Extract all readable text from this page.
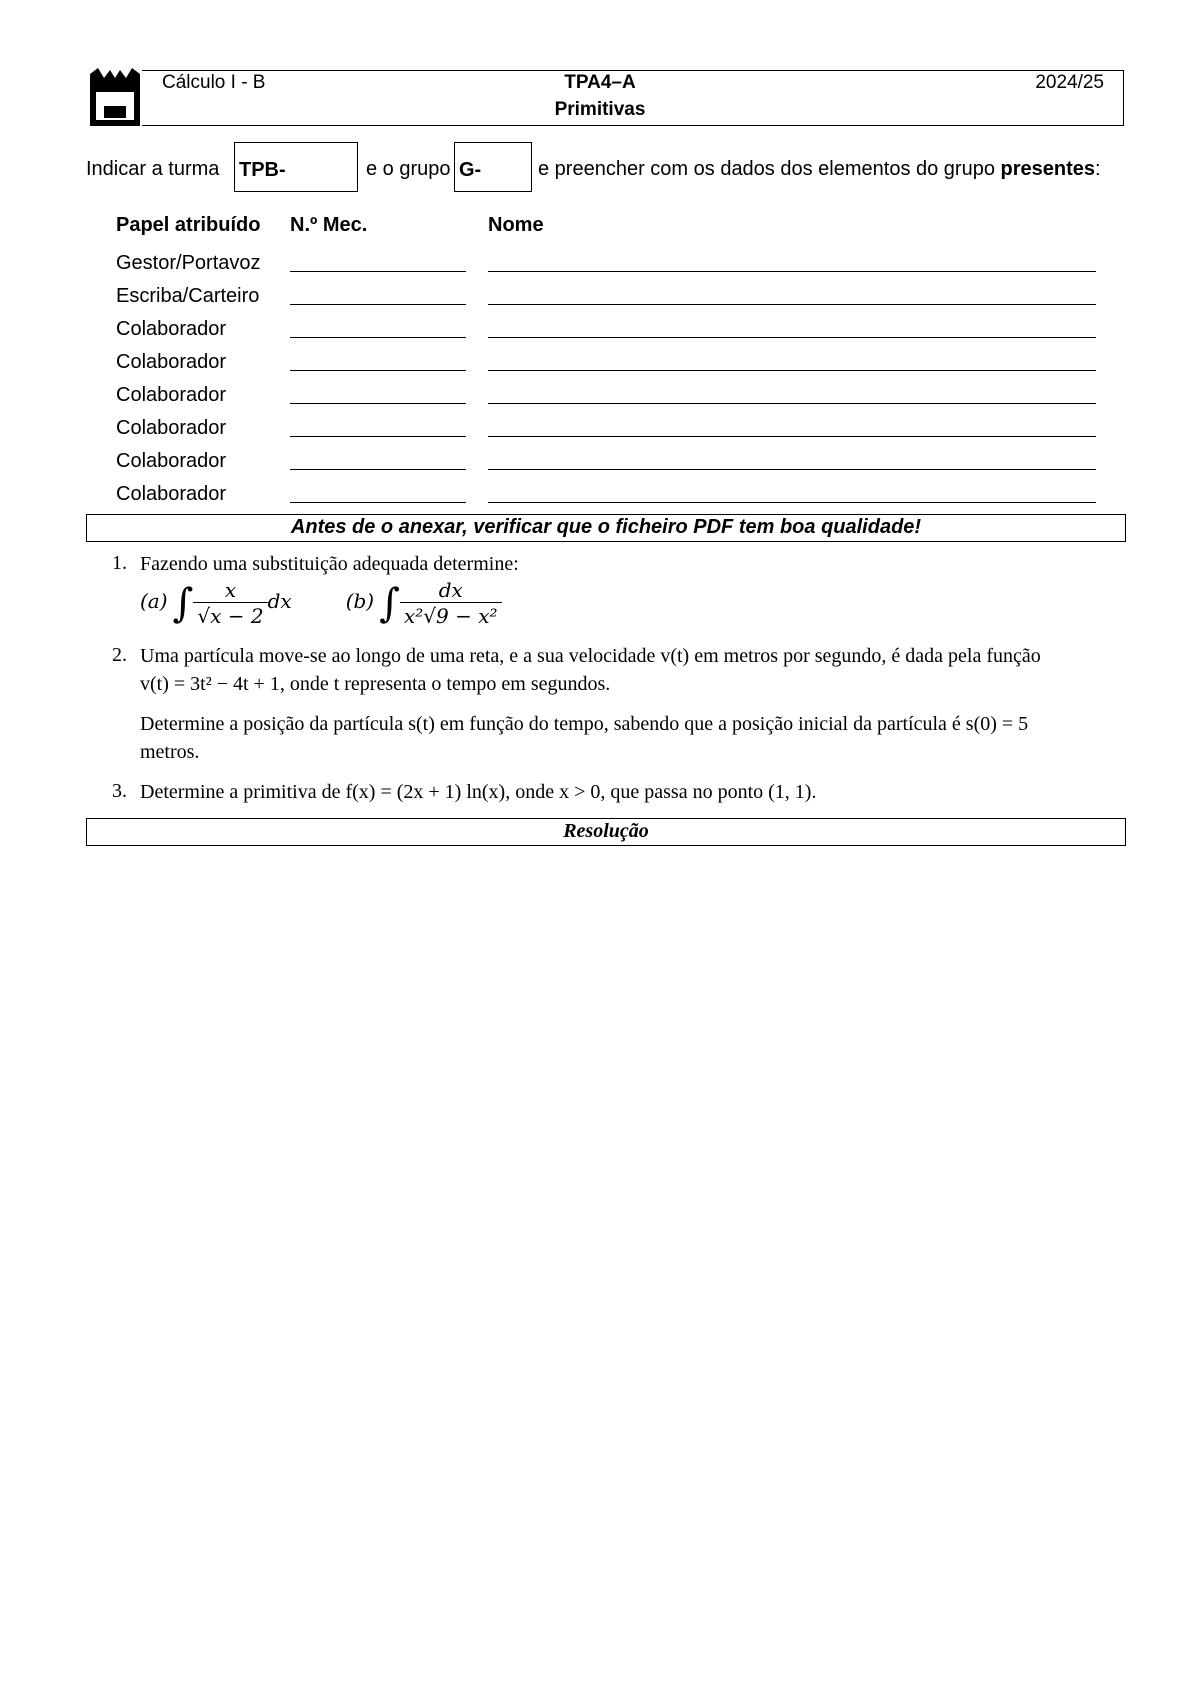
Cálculo I - B	TPA4–A
Primitivas
2024/25
Indicar a turma TPB-	e o grupo G-	e preencher com os dados dos elementos do grupo presentes:
Papel atribuído N.º Mec.	Nome
Gestor/Portavoz
Escriba/Carteiro
Colaborador
Colaborador
Colaborador
Colaborador
Colaborador
Colaborador
Antes de o anexar, verificar que o ficheiro PDF tem boa qualidade!
1. Fazendo uma substituição adequada determine:
(a) ∫ $\frac{x}{√x - 2}$ dx	(b) ∫ $\frac{dx}{\text{x²√9 − x²}}$
2. Uma partícula move-se ao longo de uma reta, e a sua velocidade v(t) em metros por segundo, é dada pela função
v(t) = 3t² − 4t + 1, onde t representa o tempo em segundos.
Determine a posição da partícula s(t) em função do tempo, sabendo que a posição inicial da partícula é s(0) = 5
metros.
3. Determine a primitiva de f(x) = (2x + 1) ln(x), onde x > 0, que passa no ponto (1, 1).
Resolução
